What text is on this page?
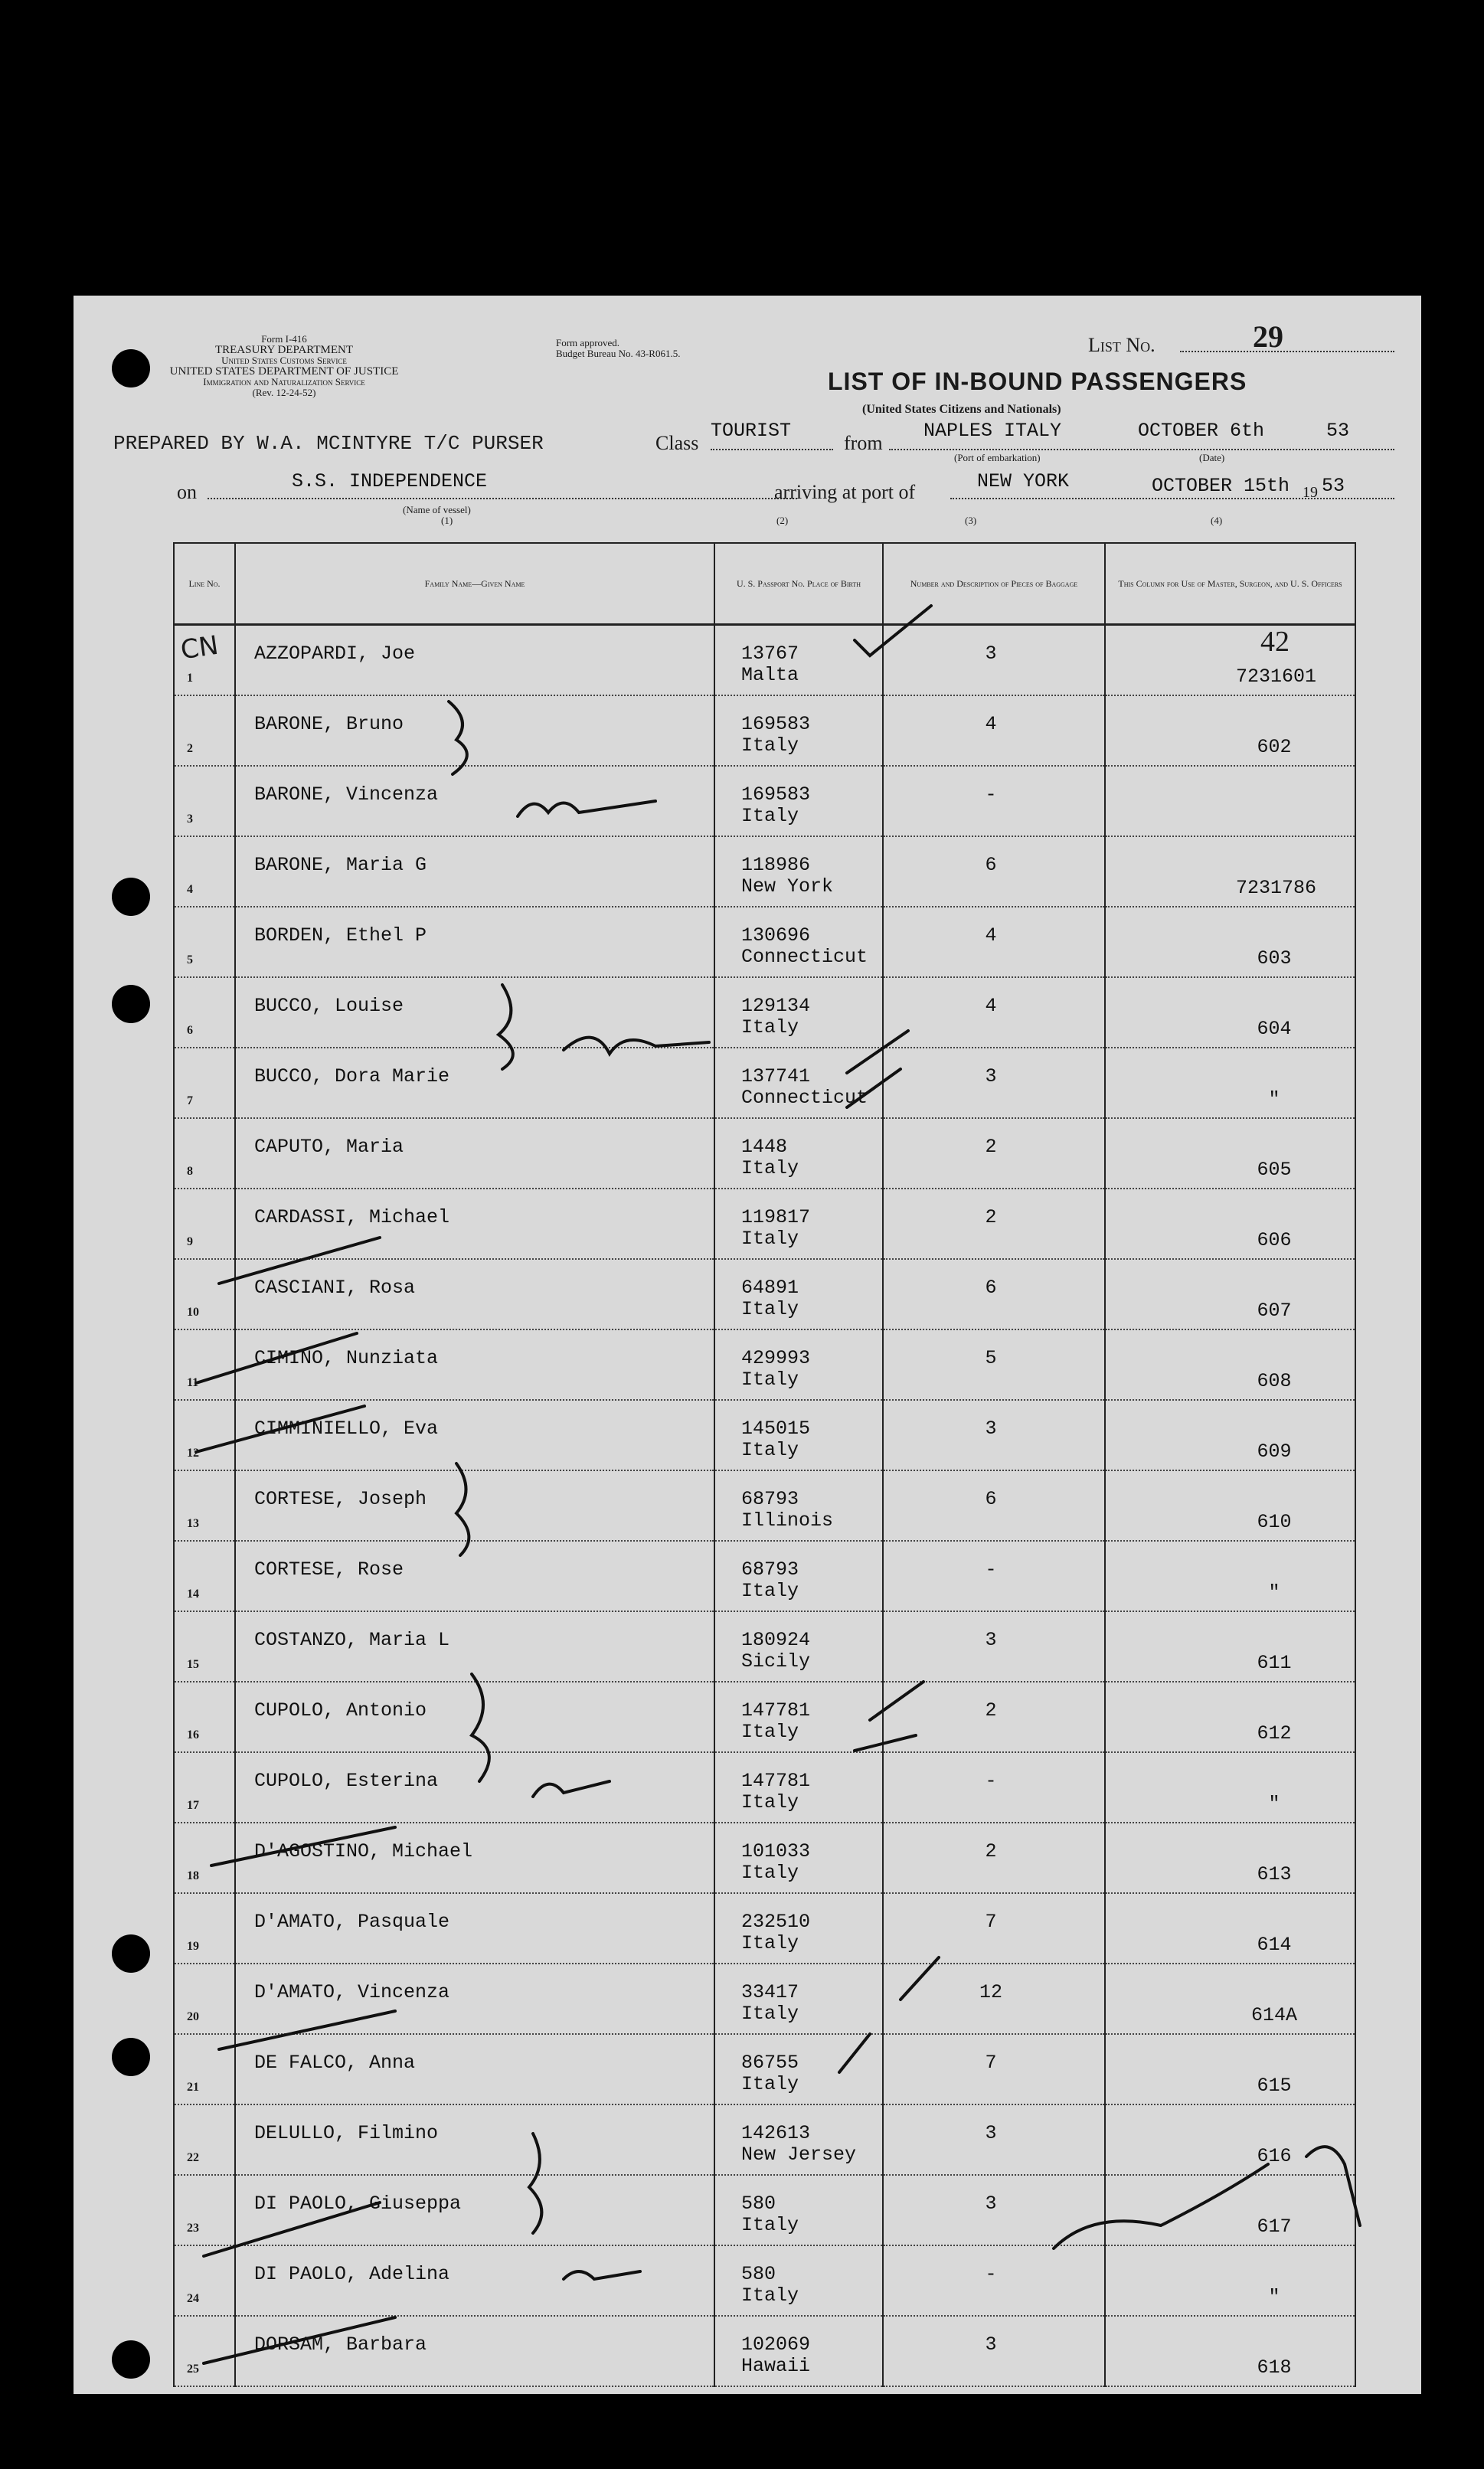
Form I-416
TREASURY DEPARTMENT
United States Customs Service
UNITED STATES DEPARTMENT OF JUSTICE
Immigration and Naturalization Service
(Rev. 12-24-52)
Form approved.
Budget Bureau No. 43-R061.5.	List No.	29
LIST OF IN-BOUND PASSENGERS
(United States Citizens and Nationals)
PREPARED BY W.A. MCINTYRE T/C PURSER	Class
TOURIST
from
NAPLES ITALY	OCTOBER 6th	53
(Port of embarkation)	(Date)
on	S.S. INDEPENDENCE
(Name of vessel)
(1)
arriving at port of	NEW YORK	OCTOBER 15th 19 53
(2)	(3)	(4)
CN	42
Line No.	Family Name—Given Name	U. S. Passport No. Place of Birth	Number and Description of Pieces of Baggage	This Column for Use of Master, Surgeon, and U. S. Officers

1	AZZOPARDI, Joe	13767
Malta	3	7231601

2	BARONE, Bruno	169583
Italy	4	602

3	BARONE, Vincenza	169583
Italy	-	

4	BARONE, Maria G	118986
New York	6	7231786

5	BORDEN, Ethel P	130696
Connecticut	4	603

6	BUCCO, Louise	129134
Italy	4	604

7	BUCCO, Dora Marie	137741
Connecticut	3	"

8	CAPUTO, Maria	1448
Italy	2	605

9	CARDASSI, Michael	119817
Italy	2	606

10	CASCIANI, Rosa	64891
Italy	6	607

11	CIMINO, Nunziata	429993
Italy	5	608

12	CIMMINIELLO, Eva	145015
Italy	3	609

13	CORTESE, Joseph	68793
Illinois	6	610

14	CORTESE, Rose	68793
Italy	-	"

15	COSTANZO, Maria L	180924
Sicily	3	611

16	CUPOLO, Antonio	147781
Italy	2	612

17	CUPOLO, Esterina	147781
Italy	-	"

18	D'AGOSTINO, Michael	101033
Italy	2	613

19	D'AMATO, Pasquale	232510
Italy	7	614

20	D'AMATO, Vincenza	33417
Italy	12	614A

21	DE FALCO, Anna	86755
Italy	7	615

22	DELULLO, Filmino	142613
New Jersey	3	616

23	DI PAOLO, Giuseppa	580
Italy	3	617

24	DI PAOLO, Adelina	580
Italy	-	"

25	DORSAM, Barbara	102069
Hawaii	3	618
